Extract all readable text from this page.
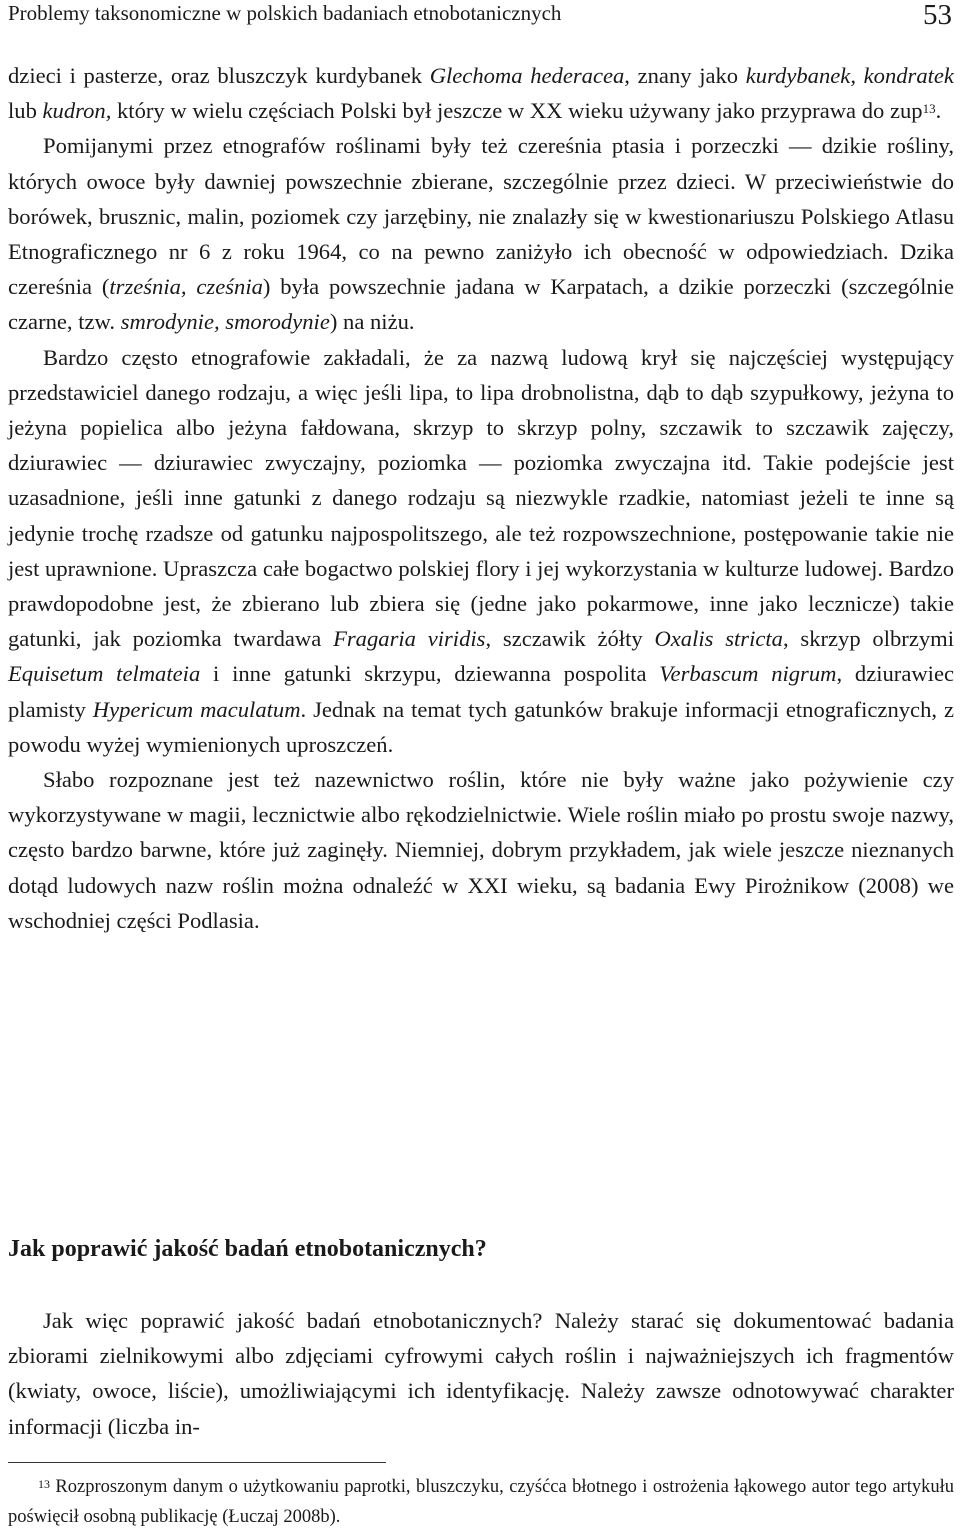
Problemy taksonomiczne w polskich badaniach etnobotanicznych	53

dzieci i pasterze, oraz bluszczyk kurdybanek Glechoma hederacea, znany jako kurdybanek, kondratek lub kudron, który w wielu częściach Polski był jeszcze w XX wieku używany jako przyprawa do zup$^{13}$.

Pomijanymi przez etnografów roślinami były też czereśnia ptasia i porzeczki — dzikie rośliny, których owoce były dawniej powszechnie zbierane, szczególnie przez dzieci. W przeciwieństwie do borówek, brusznic, malin, poziomek czy jarzębiny, nie znalazły się w kwestionariuszu Polskiego Atlasu Etnograficznego nr 6 z roku 1964, co na pewno zaniżyło ich obecność w odpowiedziach. Dzika czereśnia (trześnia, cześnia) była powszechnie jadana w Karpatach, a dzikie porzeczki (szczególnie czarne, tzw. smrodynie, smorodynie) na niżu.

Bardzo często etnografowie zakładali, że za nazwą ludową krył się najczęściej występujący przedstawiciel danego rodzaju, a więc jeśli lipa, to lipa drobnolistna, dąb to dąb szypułkowy, jeżyna to jeżyna popielica albo jeżyna fałdowana, skrzyp to skrzyp polny, szczawik to szczawik zajęczy, dziurawiec — dziurawiec zwyczajny, poziomka — poziomka zwyczajna itd. Takie podejście jest uzasadnione, jeśli inne gatunki z danego rodzaju są niezwykle rzadkie, natomiast jeżeli te inne są jedynie trochę rzadsze od gatunku najpospolitszego, ale też rozpowszechnione, postępowanie takie nie jest uprawnione. Upraszcza całe bogactwo polskiej flory i jej wykorzystania w kulturze ludowej. Bardzo prawdopodobne jest, że zbierano lub zbiera się (jedne jako pokarmowe, inne jako lecznicze) takie gatunki, jak poziomka twardawa Fragaria viridis, szczawik żółty Oxalis stricta, skrzyp olbrzymi Equisetum telmateia i inne gatunki skrzypu, dziewanna pospolita Verbascum nigrum, dziurawiec plamisty Hypericum maculatum. Jednak na temat tych gatunków brakuje informacji etnograficznych, z powodu wyżej wymienionych uproszczeń.

Słabo rozpoznane jest też nazewnictwo roślin, które nie były ważne jako pożywienie czy wykorzystywane w magii, lecznictwie albo rękodzielnictwie. Wiele roślin miało po prostu swoje nazwy, często bardzo barwne, które już zaginęły. Niemniej, dobrym przykładem, jak wiele jeszcze nieznanych dotąd ludowych nazw roślin można odnaleźć w XXI wieku, są badania Ewy Pirożnikow (2008) we wschodniej części Podlasia.

Jak poprawić jakość badań etnobotanicznych?

Jak więc poprawić jakość badań etnobotanicznych? Należy starać się dokumentować badania zbiorami zielnikowymi albo zdjęciami cyfrowymi całych roślin i najważniejszych ich fragmentów (kwiaty, owoce, liście), umożliwiającymi ich identyfikację. Należy zawsze odnotowywać charakter informacji (liczba in-

$^{13}$ Rozproszonym danym o użytkowaniu paprotki, bluszczyku, czyśćca błotnego i ostrożenia łąkowego autor tego artykułu poświęcił osobną publikację (Łuczaj 2008b).
